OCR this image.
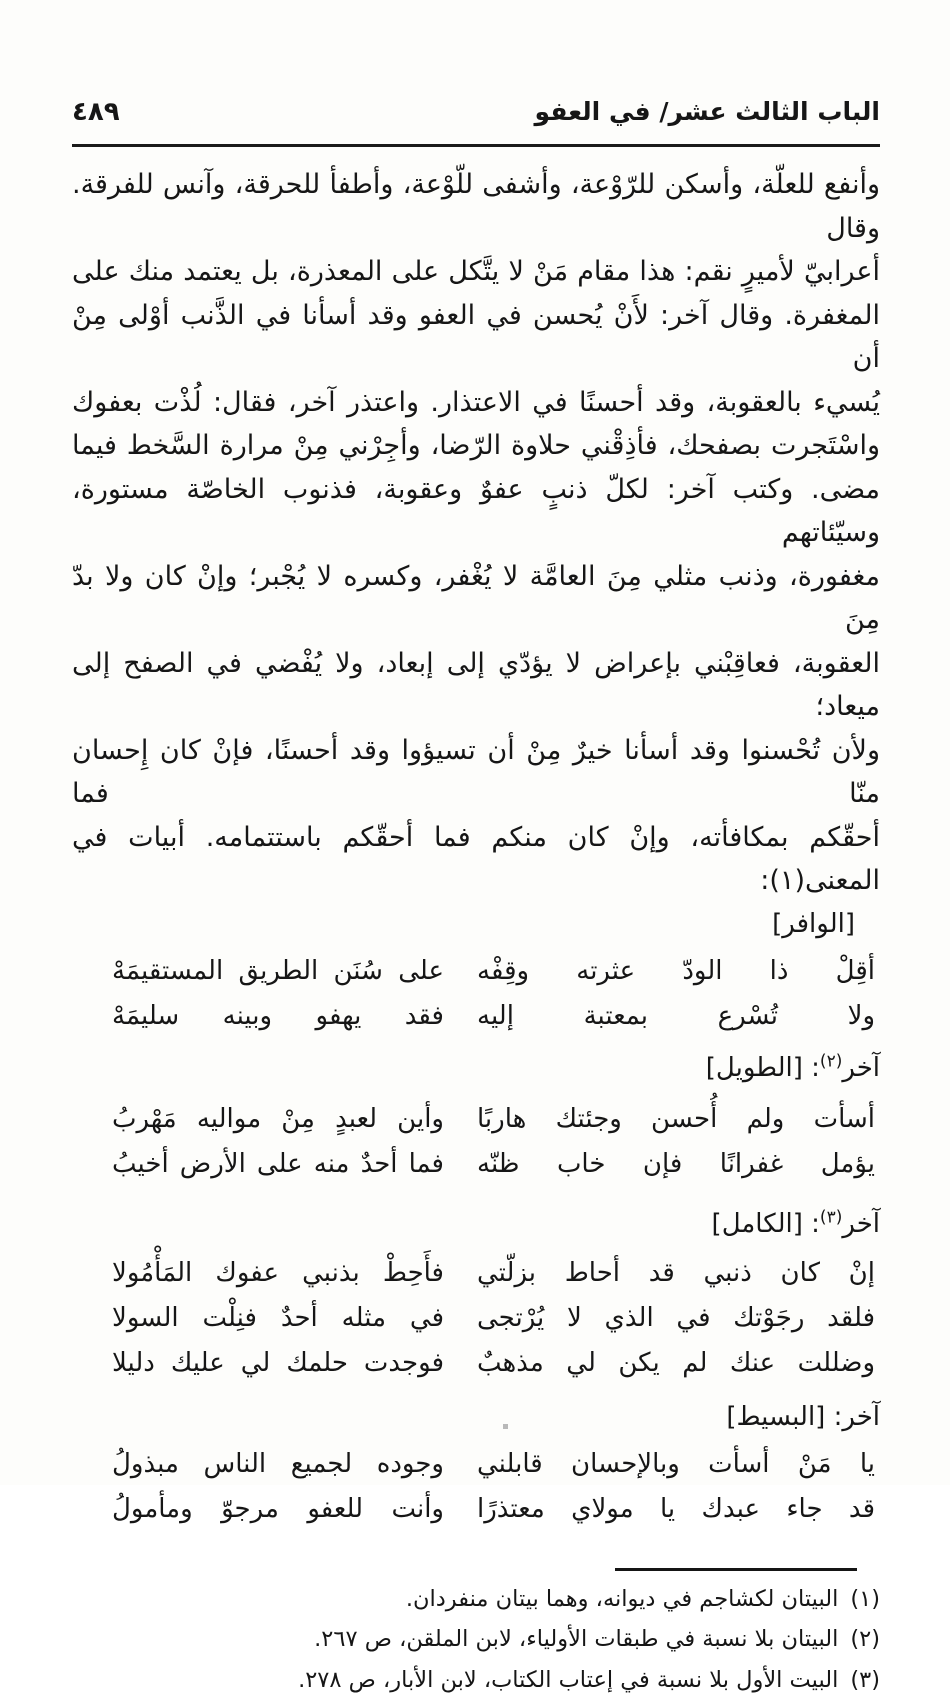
الباب الثالث عشر/ في العفو
٤٨٩
وأنفع للعلّة، وأسكن للرّوْعة، وأشفى للّوْعة، وأطفأ للحرقة، وآنس للفرقة. وقال
أعرابيّ لأميرٍ نقم: هذا مقام مَنْ لا يتَّكل على المعذرة، بل يعتمد منك على
المغفرة. وقال آخر: لأَنْ يُحسن في العفو وقد أسأنا في الذَّنب أوْلى مِنْ أن
يُسيء بالعقوبة، وقد أحسنًا في الاعتذار. واعتذر آخر، فقال: لُذْت بعفوك
واسْتَجرت بصفحك، فأذِقْني حلاوة الرّضا، وأجِرْني مِنْ مرارة السَّخط فيما
مضى. وكتب آخر: لكلّ ذنبٍ عفوٌ وعقوبة، فذنوب الخاصّة مستورة، وسيّئاتهم
مغفورة، وذنب مثلي مِنَ العامَّة لا يُغْفر، وكسره لا يُجْبر؛ وإنْ كان ولا بدّ مِنَ
العقوبة، فعاقِبْني بإعراض لا يؤدّي إلى إبعاد، ولا يُفْضي في الصفح إلى ميعاد؛
ولأن تُحْسنوا وقد أسأنا خيرٌ مِنْ أن تسيؤوا وقد أحسنًا، فإنْ كان إِحسان منّا فما
أحقّكم بمكافأته، وإنْ كان منكم فما أحقّكم باستتمامه. أبيات في المعنى(١):
[الوافر]
أقِلْ ذا الودّ عثرته وقِفْه
على سُنَن الطريق المستقيمَهْ
ولا تُسْرع بمعتبة إليه
فقد يهفو وبينه سليمَهْ
آخر$^{(٢)}$: [الطويل]
أسأت ولم أُحسن وجئتك هاربًا
وأين لعبدٍ مِنْ مواليه مَهْربُ
يؤمل غفرانًا فإن خاب ظنّه
فما أحدٌ منه على الأرض أخيبُ
آخر$^{(٣)}$: [الكامل]
إنْ كان ذنبي قد أحاط بزلّتي
فأَحِطْ بذنبي عفوك المَأْمُولا
فلقد رجَوْتك في الذي لا يُرْتجى
في مثله أحدٌ فنِلْت السولا
وضللت عنك لم يكن لي مذهبٌ
فوجدت حلمك لي عليك دليلا
آخر: [البسيط]
يا مَنْ أسأت وبالإحسان قابلني
وجوده لجميع الناس مبذولُ
قد جاء عبدك يا مولاي معتذرًا
وأنت للعفو مرجوّ ومأمولُ
(١)
البيتان لكشاجم في ديوانه، وهما بيتان منفردان.
(٢)
البيتان بلا نسبة في طبقات الأولياء، لابن الملقن، ص ٢٦٧.
(٣)
البيت الأول بلا نسبة في إعتاب الكتاب، لابن الأبار، ص ٢٧٨.
